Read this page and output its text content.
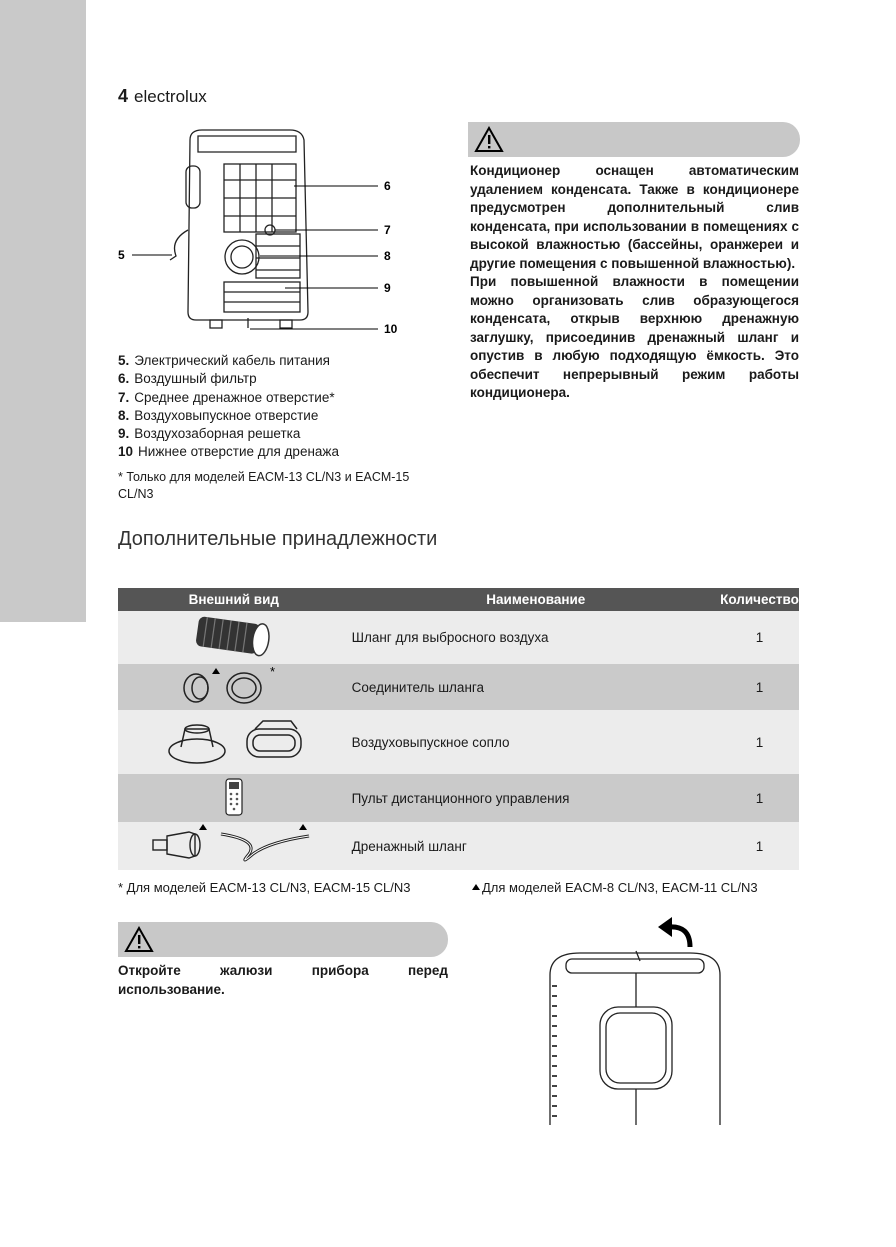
4 electrolux
5
6
7
8
9
10
5. Электрический кабель питания
6. Воздушный фильтр
7. Среднее дренажное отверстие*
8. Воздуховыпускное отверстие
9. Воздухозаборная решетка
10 Нижнее отверстие для дренажа
* Только для моделей EACM-13 CL/N3 и EACM-15 CL/N3
Кондиционер оснащен автоматическим удалением конденсата. Также в кондиционере предусмотрен дополнительный слив конденсата, при использовании в помещениях с высокой влажностью (бассейны, оранжереи и другие помещения с повышенной влажностью).
При повышенной влажности в помещении можно организовать слив образующегося конденсата, открыв верхнюю дренажную заглушку, присоединив дренажный шланг и опустив в любую подходящую ёмкость. Это обеспечит непрерывный режим работы кондиционера.
Дополнительные принадлежности
Внешний вид	Наименование	Количество
	Шланг для выбросного воздуха	1

*	Соединитель шланга	1
	Воздуховыпускное сопло	1
	Пульт дистанционного управления	1
	Дренажный шланг	1
* Для моделей EACM-13 CL/N3, EACM-15 CL/N3	Для моделей EACM-8 CL/N3, EACM-11 CL/N3
Откройте жалюзи прибора перед использование.
